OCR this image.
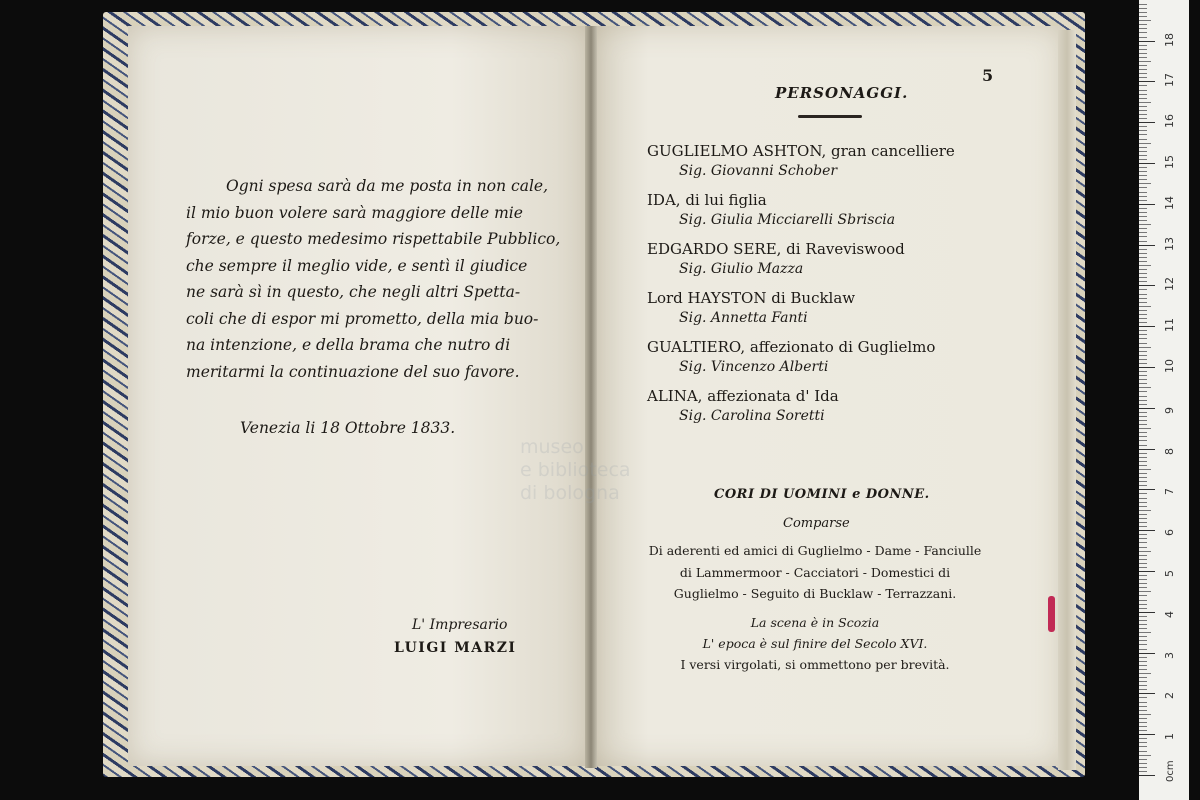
museo

e biblioteca

di bologna

Ogni spesa sarà da me posta in non cale,

il mio buon volere sarà maggiore delle mie

forze, e questo medesimo rispettabile Pubblico,

che sempre il meglio vide, e sentì il giudice

ne sarà sì in questo, che negli altri Spetta-

coli che di espor mi prometto, della mia buo-

na intenzione, e della brama che nutro di

meritarmi la continuazione del suo favore.

Venezia li 18 Ottobre 1833.
L' Impresario
LUIGI MARZI
5
PERSONAGGI.

GUGLIELMO ASHTON, gran cancelliere

Sig. Giovanni Schober

IDA, di lui figlia

Sig. Giulia Micciarelli Sbriscia

EDGARDO SERE, di Raveviswood

Sig. Giulio Mazza

Lord HAYSTON di Bucklaw

Sig. Annetta Fanti

GUALTIERO, affezionato di Guglielmo

Sig. Vincenzo Alberti

ALINA, affezionata d' Ida

Sig. Carolina Soretti

CORI DI UOMINI e DONNE.
Comparse

Di aderenti ed amici di Guglielmo - Dame - Fanciulle

di Lammermoor - Cacciatori - Domestici di

Guglielmo - Seguito di Bucklaw - Terrazzani.

La scena è in Scozia

L' epoca è sul finire del Secolo XVI.

I versi virgolati, si ommettono per brevità.

0cm
1
2
3
4
5
6
7
8
9
10
11
12
13
14
15
16
17
18
